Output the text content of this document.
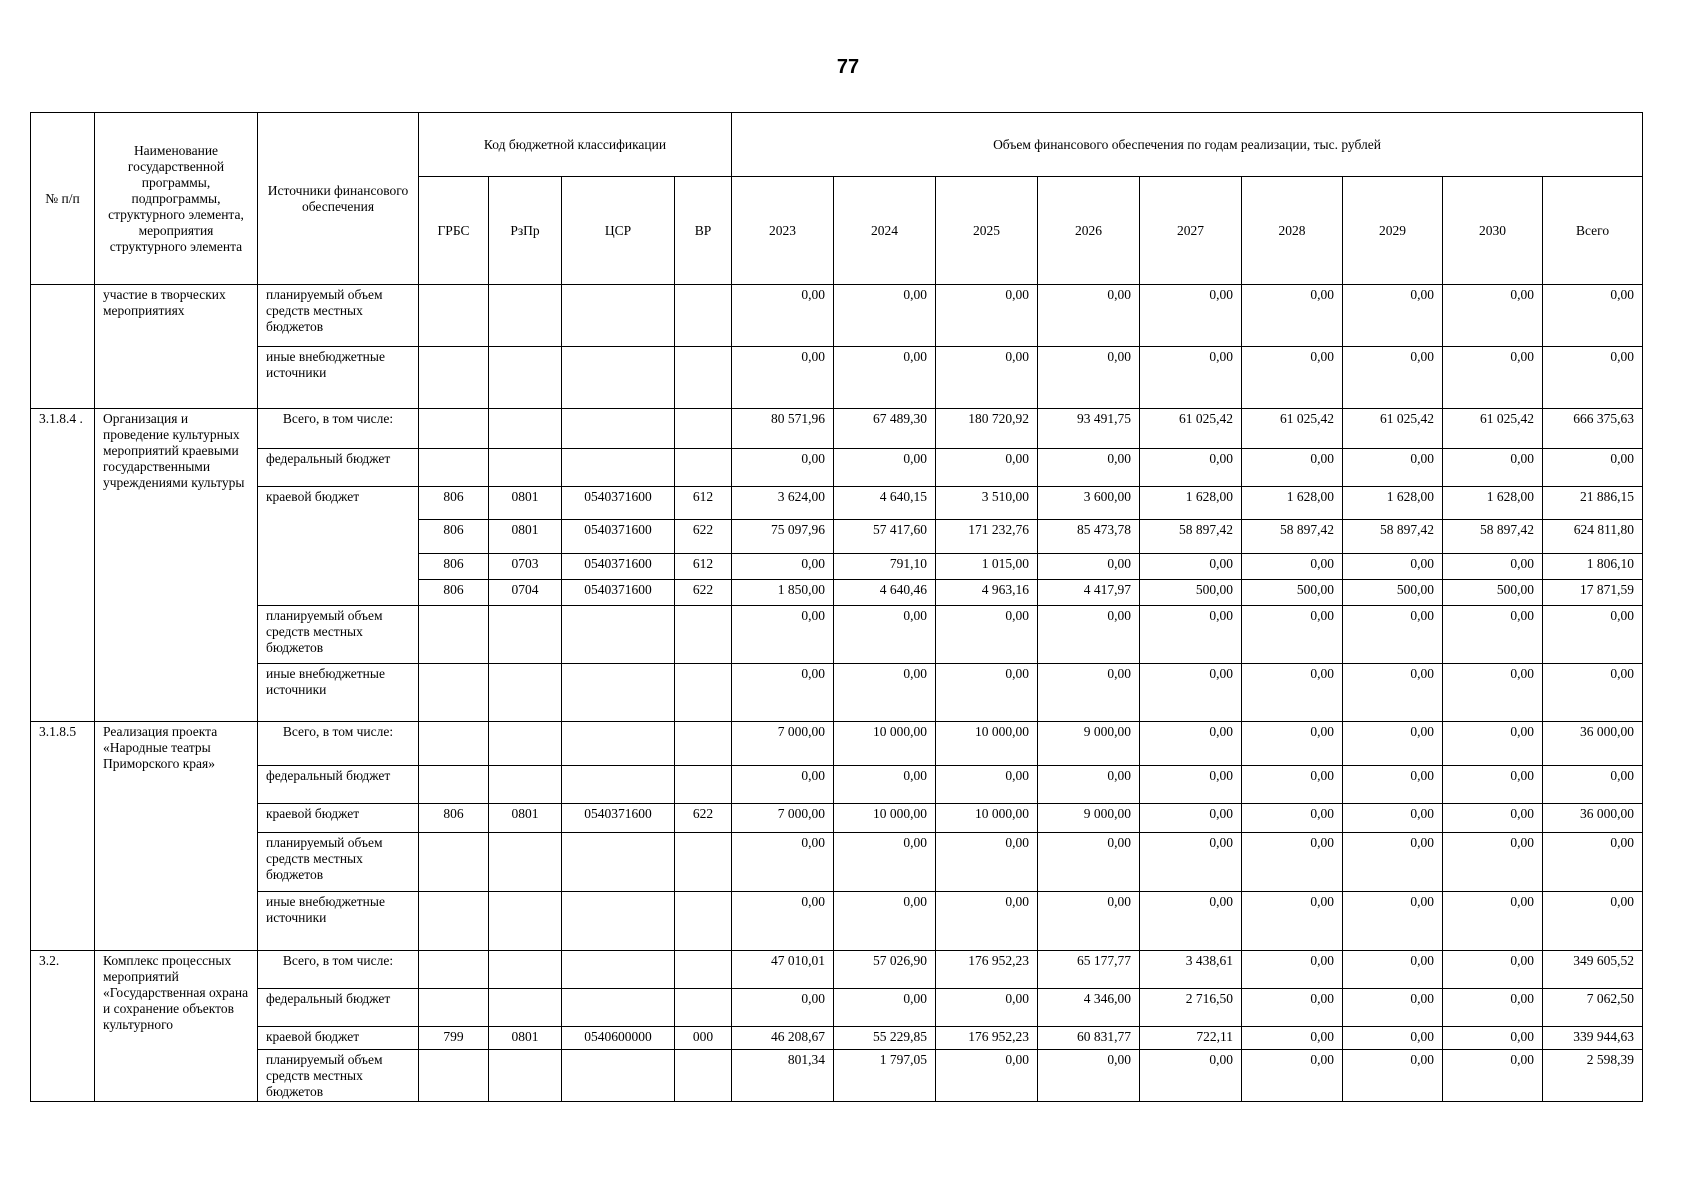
77
№ п/п	Наименование государственной программы, подпрограммы, структурного элемента, мероприятия структурного элемента	Источники финансового обеспечения	Код бюджетной классификации				Объем финансового обеспечения по годам реализации, тыс. рублей								
			ГРБС	РзПр	ЦСР	ВР	2023	2024	2025	2026	2027	2028	2029	2030	Всего
	участие в творческих мероприятиях	планируемый объем средств местных бюджетов					0,00	0,00	0,00	0,00	0,00	0,00	0,00	0,00	0,00
		иные внебюджетные источники					0,00	0,00	0,00	0,00	0,00	0,00	0,00	0,00	0,00
3.1.8.4 .	Организация и проведение культурных мероприятий краевыми государственными учреждениями культуры	Всего, в том числе:					80 571,96	67 489,30	180 720,92	93 491,75	61 025,42	61 025,42	61 025,42	61 025,42	666 375,63
		федеральный бюджет					0,00	0,00	0,00	0,00	0,00	0,00	0,00	0,00	0,00
		краевой бюджет	806	0801	0540371600	612	3 624,00	4 640,15	3 510,00	3 600,00	1 628,00	1 628,00	1 628,00	1 628,00	21 886,15
			806	0801	0540371600	622	75 097,96	57 417,60	171 232,76	85 473,78	58 897,42	58 897,42	58 897,42	58 897,42	624 811,80
			806	0703	0540371600	612	0,00	791,10	1 015,00	0,00	0,00	0,00	0,00	0,00	1 806,10
			806	0704	0540371600	622	1 850,00	4 640,46	4 963,16	4 417,97	500,00	500,00	500,00	500,00	17 871,59
		планируемый объем средств местных бюджетов					0,00	0,00	0,00	0,00	0,00	0,00	0,00	0,00	0,00
		иные внебюджетные источники					0,00	0,00	0,00	0,00	0,00	0,00	0,00	0,00	0,00
3.1.8.5	Реализация проекта «Народные театры Приморского края»	Всего, в том числе:					7 000,00	10 000,00	10 000,00	9 000,00	0,00	0,00	0,00	0,00	36 000,00
		федеральный бюджет					0,00	0,00	0,00	0,00	0,00	0,00	0,00	0,00	0,00
		краевой бюджет	806	0801	0540371600	622	7 000,00	10 000,00	10 000,00	9 000,00	0,00	0,00	0,00	0,00	36 000,00
		планируемый объем средств местных бюджетов					0,00	0,00	0,00	0,00	0,00	0,00	0,00	0,00	0,00
		иные внебюджетные источники					0,00	0,00	0,00	0,00	0,00	0,00	0,00	0,00	0,00
3.2.	Комплекс процессных мероприятий «Государственная охрана и сохранение объектов культурного	Всего, в том числе:					47 010,01	57 026,90	176 952,23	65 177,77	3 438,61	0,00	0,00	0,00	349 605,52
		федеральный бюджет					0,00	0,00	0,00	4 346,00	2 716,50	0,00	0,00	0,00	7 062,50
		краевой бюджет	799	0801	0540600000	000	46 208,67	55 229,85	176 952,23	60 831,77	722,11	0,00	0,00	0,00	339 944,63
		планируемый объем средств местных бюджетов					801,34	1 797,05	0,00	0,00	0,00	0,00	0,00	0,00	2 598,39
